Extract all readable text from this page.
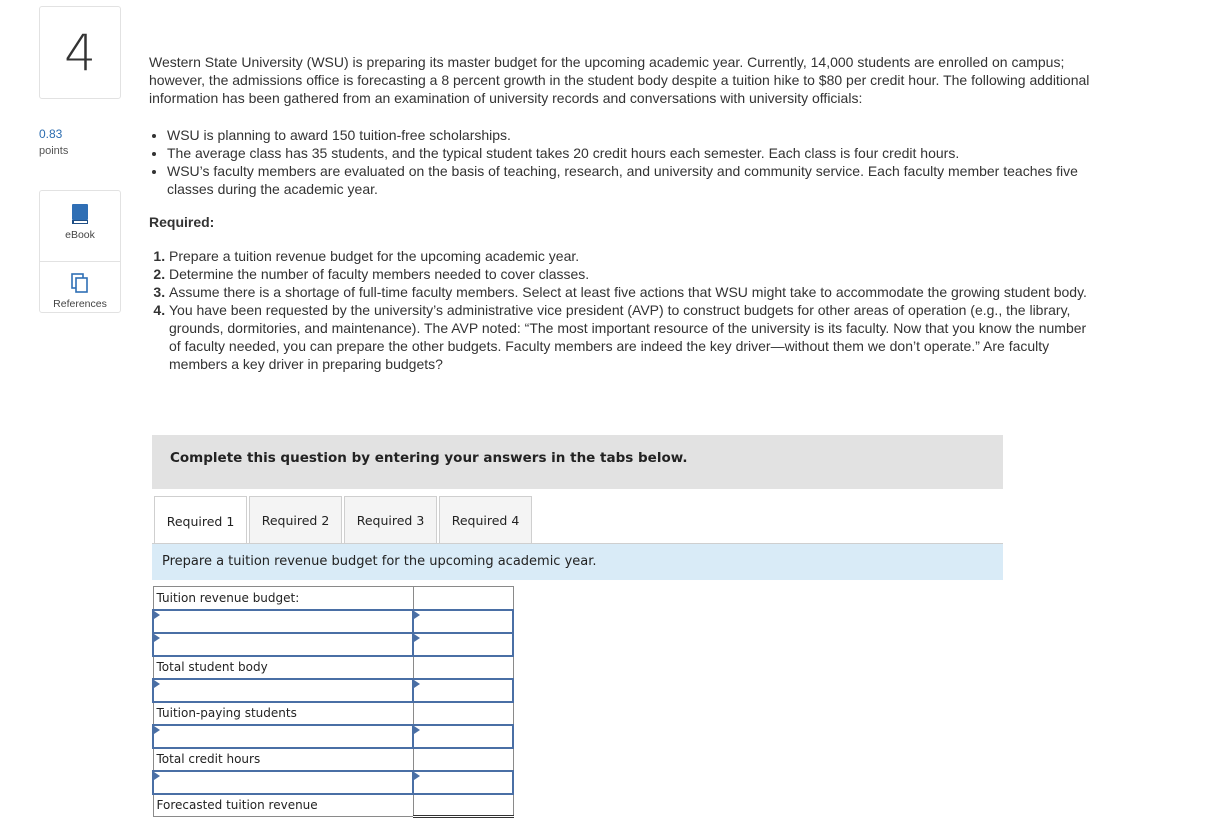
4
0.83
points
eBook
References

Western State University (WSU) is preparing its master budget for the upcoming academic year. Currently, 14,000 students are enrolled on campus; however, the admissions office is forecasting a 8 percent growth in the student body despite a tuition hike to $80 per credit hour. The following additional information has been gathered from an examination of university records and conversations with university officials:

• WSU is planning to award 150 tuition-free scholarships.
• The average class has 35 students, and the typical student takes 20 credit hours each semester. Each class is four credit hours.
• WSU’s faculty members are evaluated on the basis of teaching, research, and university and community service. Each faculty member teaches five classes during the academic year.
Required:
1. Prepare a tuition revenue budget for the upcoming academic year.
2. Determine the number of faculty members needed to cover classes.
3. Assume there is a shortage of full-time faculty members. Select at least five actions that WSU might take to accommodate the growing student body.
4. You have been requested by the university’s administrative vice president (AVP) to construct budgets for other areas of operation (e.g., the library, grounds, dormitories, and maintenance). The AVP noted: “The most important resource of the university is its faculty. Now that you know the number of faculty needed, you can prepare the other budgets. Faculty members are indeed the key driver—without them we don’t operate.” Are faculty members a key driver in preparing budgets?
Complete this question by entering your answers in the tabs below.
Required 1	Required 2	Required 3	Required 4
Prepare a tuition revenue budget for the upcoming academic year.
Tuition revenue budget:	

Total student body	

Tuition-paying students	

Total credit hours	

Forecasted tuition revenue	
